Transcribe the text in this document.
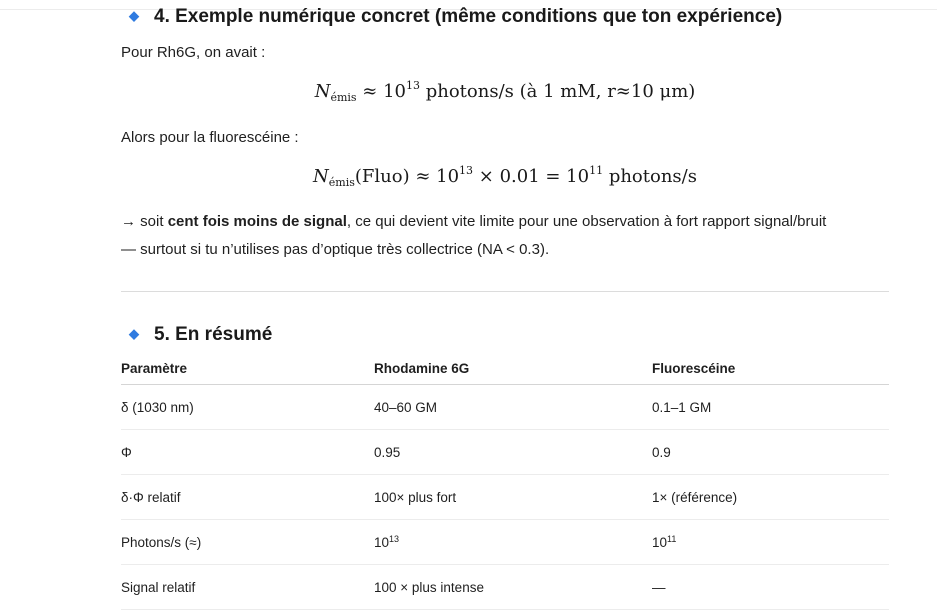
◆ 4. Exemple numérique concret (même conditions que ton expérience)
Pour Rh6G, on avait :
$N_{émis} \approx 10^{13}$ photons/s (à 1 mM, r≈10 μm)
Alors pour la fluorescéine :
$N_{émis}(Fluo) \approx 10^{13} \times 0.01 = 10^{11}$ photons/s
→ soit cent fois moins de signal, ce qui devient vite limite pour une observation à fort rapport signal/bruit
— surtout si tu n’utilises pas d’optique très collectrice (NA < 0.3).
◆ 5. En résumé
Paramètre	Rhodamine 6G	Fluorescéine
δ (1030 nm)	40–60 GM	0.1–1 GM
Φ	0.95	0.9
δ·Φ relatif	100× plus fort	1× (référence)
Photons/s (≈)	$10^{13}$	$10^{11}$
Signal relatif	100 × plus intense	—
